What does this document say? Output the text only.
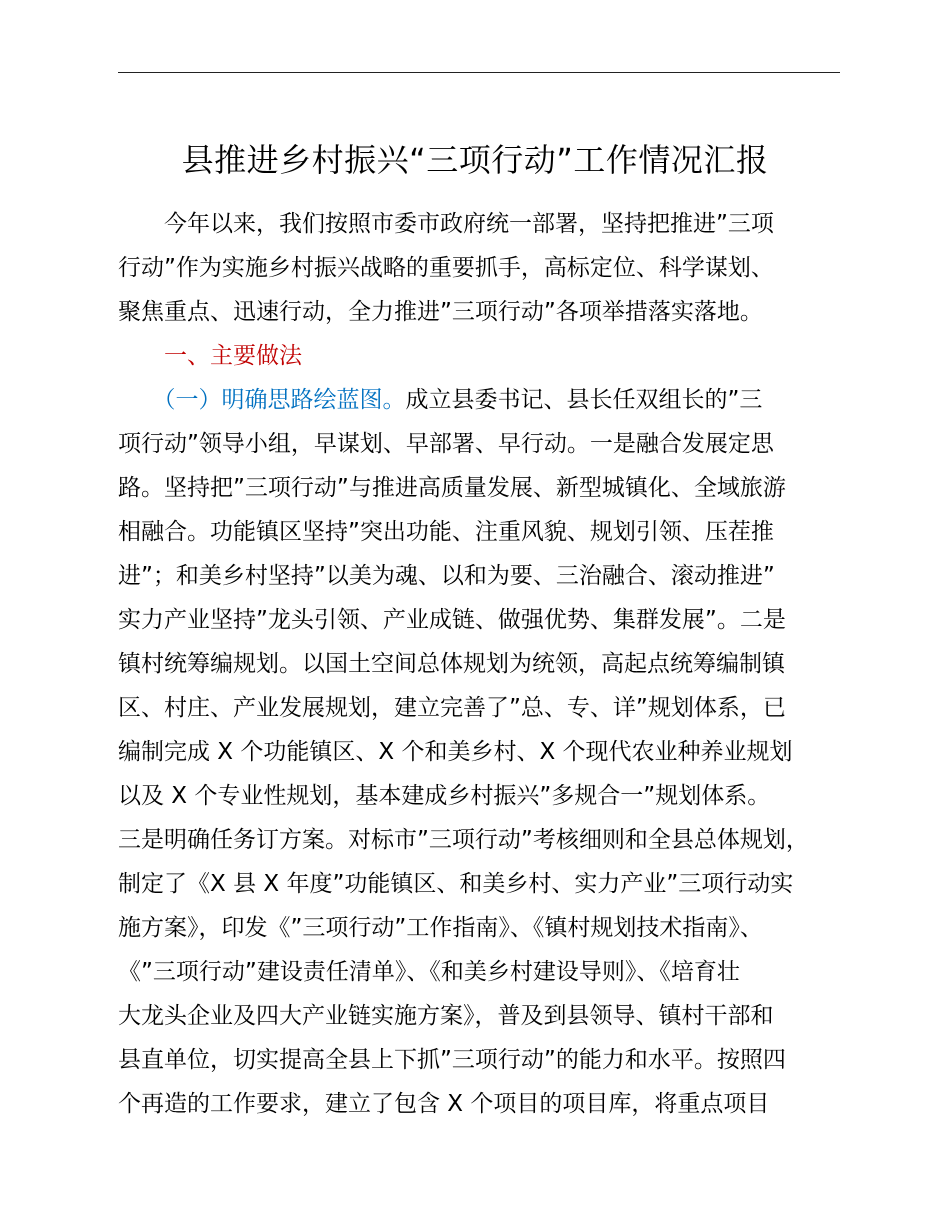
县推进乡村振兴“三项行动”工作情况汇报
　　今年以来，我们按照市委市政府统一部署，坚持把推进”三项
行动”作为实施乡村振兴战略的重要抓手，高标定位、科学谋划、
聚焦重点、迅速行动，全力推进”三项行动”各项举措落实落地。
　　一、主要做法
　　（一）明确思路绘蓝图。成立县委书记、县长任双组长的”三
项行动”领导小组，早谋划、早部署、早行动。一是融合发展定思
路。坚持把”三项行动”与推进高质量发展、新型城镇化、全域旅游
相融合。功能镇区坚持”突出功能、注重风貌、规划引领、压茬推
进”；和美乡村坚持”以美为魂、以和为要、三治融合、滚动推进”
实力产业坚持”龙头引领、产业成链、做强优势、集群发展”。二是
镇村统筹编规划。以国土空间总体规划为统领，高起点统筹编制镇
区、村庄、产业发展规划，建立完善了”总、专、详”规划体系，已
编制完成 X 个功能镇区、X 个和美乡村、X 个现代农业种养业规划
以及 X 个专业性规划，基本建成乡村振兴”多规合一”规划体系。
三是明确任务订方案。对标市”三项行动”考核细则和全县总体规划，
制定了《X 县 X 年度”功能镇区、和美乡村、实力产业”三项行动实
施方案》，印发《”三项行动”工作指南》、《镇村规划技术指南》、
《”三项行动”建设责任清单》、《和美乡村建设导则》、《培育壮
大龙头企业及四大产业链实施方案》，普及到县领导、镇村干部和
县直单位，切实提高全县上下抓”三项行动”的能力和水平。按照四
个再造的工作要求，建立了包含 X 个项目的项目库，将重点项目
